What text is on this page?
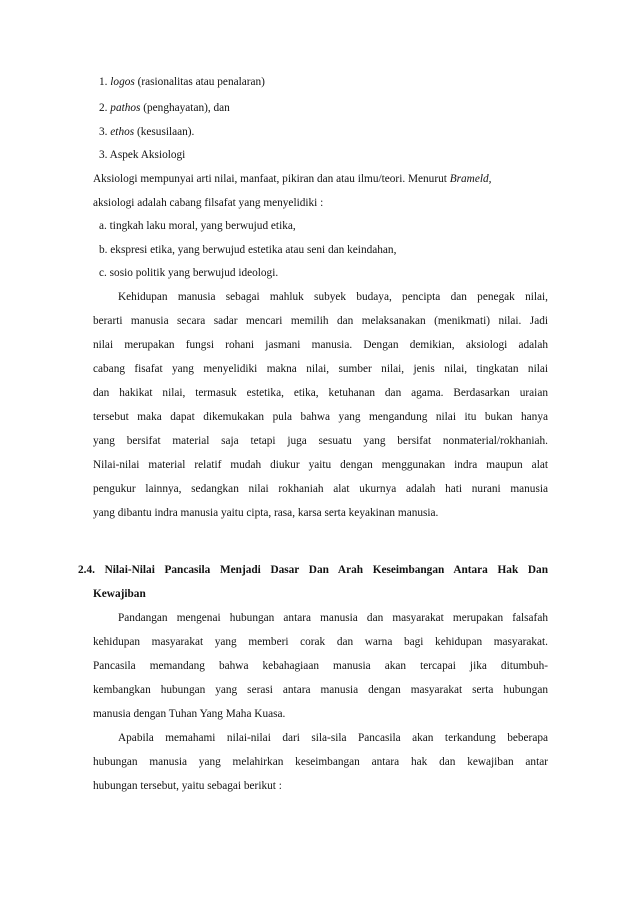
1. logos (rasionalitas atau penalaran)
2. pathos (penghayatan), dan
3. ethos (kesusilaan).
3. Aspek Aksiologi
Aksiologi mempunyai arti nilai, manfaat, pikiran dan atau ilmu/teori. Menurut Brameld,
aksiologi adalah cabang filsafat yang menyelidiki :
a. tingkah laku moral, yang berwujud etika,
b. ekspresi etika, yang berwujud estetika atau seni dan keindahan,
c. sosio politik yang berwujud ideologi.
Kehidupan manusia sebagai mahluk subyek budaya, pencipta dan penegak nilai,
berarti manusia secara sadar mencari memilih dan melaksanakan (menikmati) nilai. Jadi
nilai merupakan fungsi rohani jasmani manusia. Dengan demikian, aksiologi adalah
cabang fisafat yang menyelidiki makna nilai, sumber nilai, jenis nilai, tingkatan nilai
dan hakikat nilai, termasuk estetika, etika, ketuhanan dan agama. Berdasarkan uraian
tersebut maka dapat dikemukakan pula bahwa yang mengandung nilai itu bukan hanya
yang bersifat material saja tetapi juga sesuatu yang bersifat nonmaterial/rokhaniah.
Nilai-nilai material relatif mudah diukur yaitu dengan menggunakan indra maupun alat
pengukur lainnya, sedangkan nilai rokhaniah alat ukurnya adalah hati nurani manusia
yang dibantu indra manusia yaitu cipta, rasa, karsa serta keyakinan manusia.
2.4. Nilai-Nilai Pancasila Menjadi Dasar Dan Arah Keseimbangan Antara Hak Dan
Kewajiban
Pandangan mengenai hubungan antara manusia dan masyarakat merupakan falsafah
kehidupan masyarakat yang memberi corak dan warna bagi kehidupan masyarakat.
Pancasila memandang bahwa kebahagiaan manusia akan tercapai jika ditumbuh-
kembangkan hubungan yang serasi antara manusia dengan masyarakat serta hubungan
manusia dengan Tuhan Yang Maha Kuasa.
Apabila memahami nilai-nilai dari sila-sila Pancasila akan terkandung beberapa
hubungan manusia yang melahirkan keseimbangan antara hak dan kewajiban antar
hubungan tersebut, yaitu sebagai berikut :
